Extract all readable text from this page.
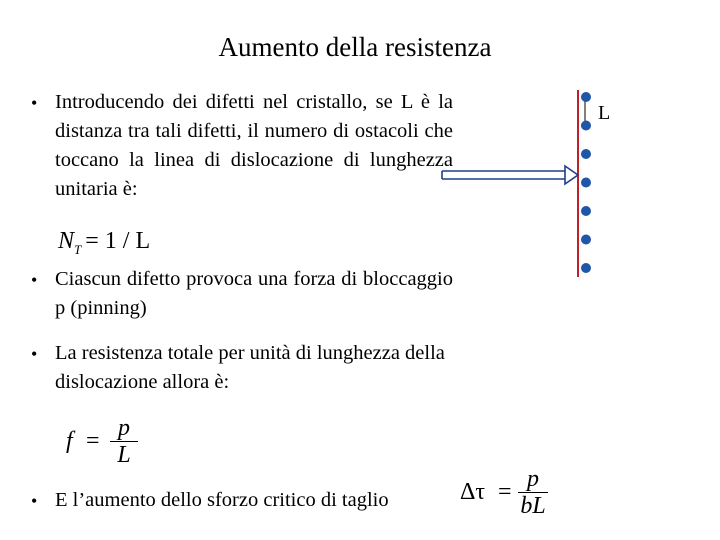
Aumento della resistenza
• Introducendo dei difetti nel cristallo, se L è la distanza tra tali difetti, il numero di ostacoli che toccano la linea di dislocazione di lunghezza unitaria è:
$N_T = 1 / L$
• Ciascun difetto provoca una forza di bloccaggio p (pinning)
• La resistenza totale per unità di lunghezza della dislocazione allora è:
f = p
L
• E l’aumento dello sforzo critico di taglio	Δτ = p
bL
L
